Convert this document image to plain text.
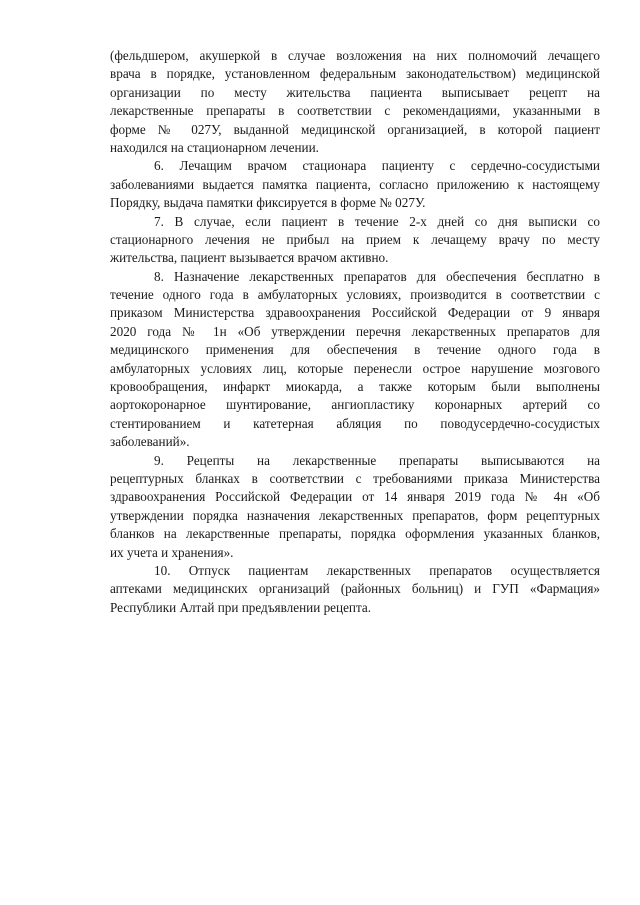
(фельдшером, акушеркой в случае возложения на них полномочий лечащего
врача в порядке, установленном федеральным законодательством) медицинской
организации по месту жительства пациента выписывает рецепт на
лекарственные препараты в соответствии с рекомендациями, указанными в
форме № 027У, выданной медицинской организацией, в которой пациент
находился на стационарном лечении.
6. Лечащим врачом стационара пациенту с сердечно-сосудистыми
заболеваниями выдается памятка пациента, согласно приложению к настоящему
Порядку, выдача памятки фиксируется в форме № 027У.
7. В случае, если пациент в течение 2-х дней со дня выписки со
стационарного лечения не прибыл на прием к лечащему врачу по месту
жительства, пациент вызывается врачом активно.
8. Назначение лекарственных препаратов для обеспечения бесплатно в
течение одного года в амбулаторных условиях, производится в соответствии с
приказом Министерства здравоохранения Российской Федерации от 9 января
2020 года № 1н «Об утверждении перечня лекарственных препаратов для
медицинского применения для обеспечения в течение одного года в
амбулаторных условиях лиц, которые перенесли острое нарушение мозгового
кровообращения, инфаркт миокарда, а также которым были выполнены
аортокоронарное шунтирование, ангиопластику коронарных артерий со
стентированием и катетерная абляция по поводусердечно-сосудистых
заболеваний».
9. Рецепты на лекарственные препараты выписываются на
рецептурных бланках в соответствии с требованиями приказа Министерства
здравоохранения Российской Федерации от 14 января 2019 года № 4н «Об
утверждении порядка назначения лекарственных препаратов, форм рецептурных
бланков на лекарственные препараты, порядка оформления указанных бланков,
их учета и хранения».
10. Отпуск пациентам лекарственных препаратов осуществляется
аптеками медицинских организаций (районных больниц) и ГУП «Фармация»
Республики Алтай при предъявлении рецепта.
